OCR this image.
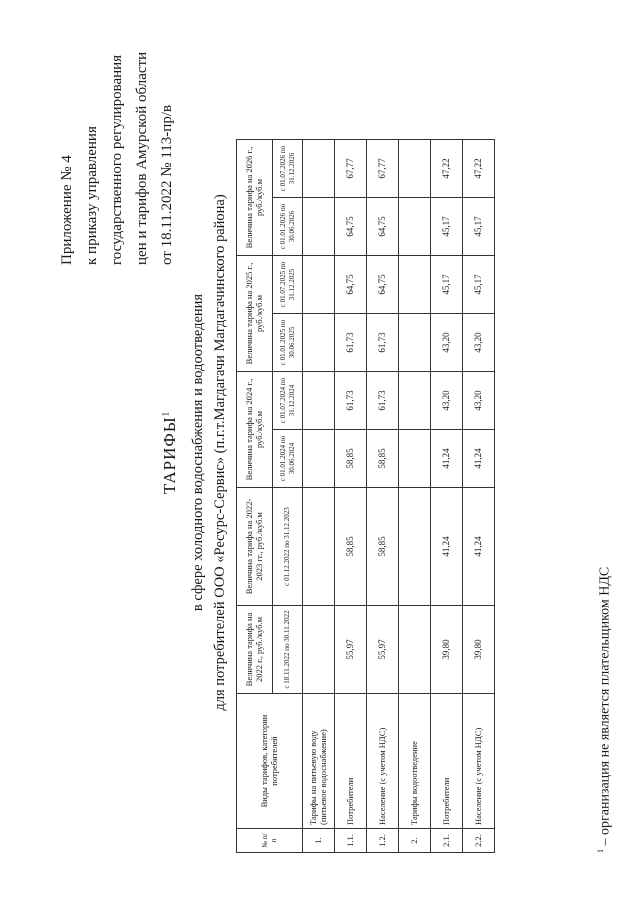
Приложение № 4 к приказу управления государственного регулирования цен и тарифов Амурской области от 18.11.2022 № 113-пр/в
ТАРИФЫ$^1$	в сфере холодного водоснабжения и водоотведения для потребителей ООО «Ресурс-Сервис» (п.г.т.Магдагачи Магдагачинского района)
№ п/п	Виды тарифов, категории потребителей	Величина тарифа на 2022 г., руб./куб.м	Величина тарифа на 2022-2023 гг., руб./куб.м	Величина тарифа на 2024 г., руб./куб.м		Величина тарифа на 2025 г., руб./куб.м		Величина тарифа на 2026 г., руб./куб.м	
		с 18.11.2022 по 30.11.2022	с 01.12.2022 по 31.12.2023	с 01.01.2024 по 30.06.2024	с 01.07.2024 по 31.12.2024	с 01.01.2025 по 30.06.2025	с 01.07.2025 по 31.12.2025	с 01.01.2026 по 30.06.2026	с 01.07.2026 по 31.12.2026
1.	Тарифы на питьевую воду (питьевое водоснабжение)								
1.1.	Потребители	55,97	58,85	58,85	61,73	61,73	64,75	64,75	67,77
1.2.	Население (с учетом НДС)	55,97	58,85	58,85	61,73	61,73	64,75	64,75	67,77
2.	Тарифы водоотведение								
2.1.	Потребители	39,80	41,24	41,24	43,20	43,20	45,17	45,17	47,22
2.2.	Население (с учетом НДС)	39,80	41,24	41,24	43,20	43,20	45,17	45,17	47,22
$^1$ – организация не является плательщиком НДС
